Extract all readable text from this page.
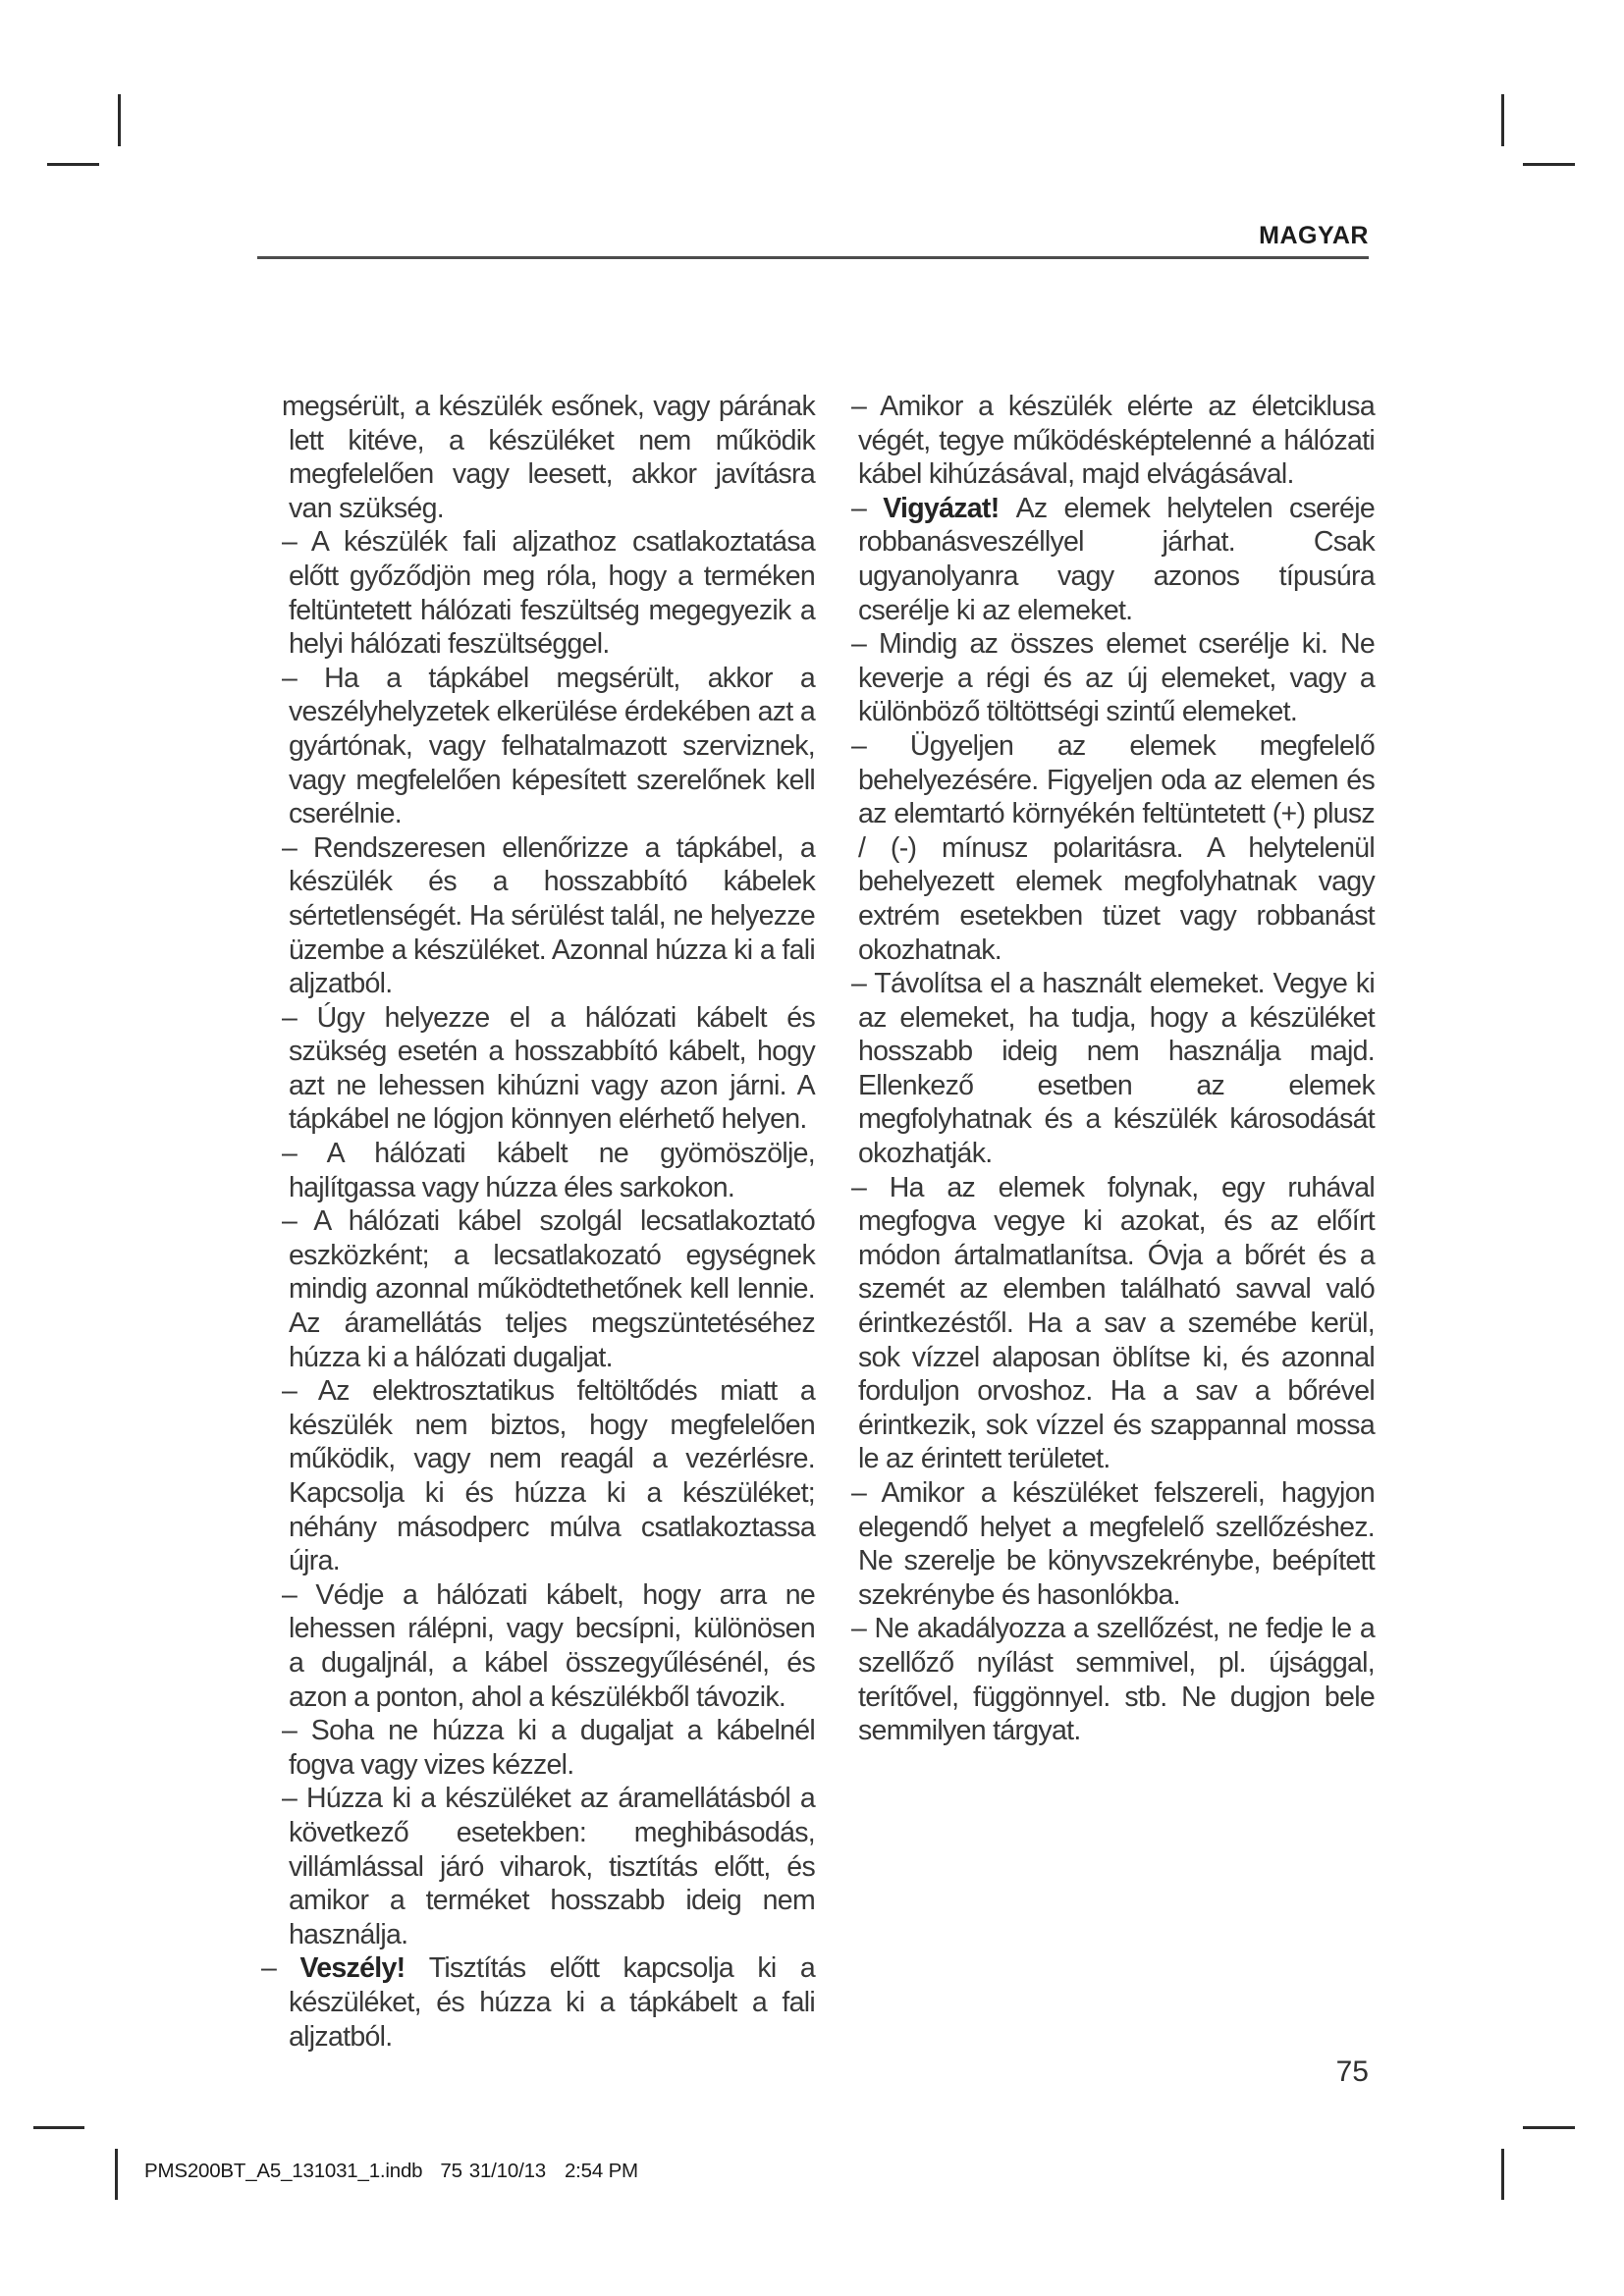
MAGYAR

megsérült, a készülék esőnek, vagy párának lett kitéve, a készüléket nem működik megfelelően vagy leesett, akkor javításra van szükség.

– A készülék fali aljzathoz csatlakoztatása előtt győződjön meg róla, hogy a terméken feltüntetett hálózati feszültség megegyezik a helyi hálózati feszültséggel.

– Ha a tápkábel megsérült, akkor a veszélyhelyzetek elkerülése érdekében azt a gyártónak, vagy felhatalmazott szerviznek, vagy megfelelően képesített szerelőnek kell cserélnie.

– Rendszeresen ellenőrizze a tápkábel, a készülék és a hosszabbító kábelek sértetlenségét. Ha sérülést talál, ne helyezze üzembe a készüléket. Azonnal húzza ki a fali aljzatból.

– Úgy helyezze el a hálózati kábelt és szükség esetén a hosszabbító kábelt, hogy azt ne lehessen kihúzni vagy azon járni. A tápkábel ne lógjon könnyen elérhető helyen.

– A hálózati kábelt ne gyömöszölje, hajlítgassa vagy húzza éles sarkokon.

– A hálózati kábel szolgál lecsatlakoztató eszközként; a lecsatlakozató egységnek mindig azonnal működtethetőnek kell lennie. Az áramellátás teljes megszüntetéséhez húzza ki a hálózati dugaljat.

– Az elektrosztatikus feltöltődés miatt a készülék nem biztos, hogy megfelelően működik, vagy nem reagál a vezérlésre. Kapcsolja ki és húzza ki a készüléket; néhány másodperc múlva csatlakoztassa újra.

– Védje a hálózati kábelt, hogy arra ne lehessen rálépni, vagy becsípni, különösen a dugaljnál, a kábel összegyűlésénél, és azon a ponton, ahol a készülékből távozik.

– Soha ne húzza ki a dugaljat a kábelnél fogva vagy vizes kézzel.

– Húzza ki a készüléket az áramellátásból a következő esetekben: meghibásodás, villámlással járó viharok, tisztítás előtt, és amikor a terméket hosszabb ideig nem használja.

– Veszély! Tisztítás előtt kapcsolja ki a készüléket, és húzza ki a tápkábelt a fali aljzatból.

– Amikor a készülék elérte az életciklusa végét, tegye működésképtelenné a hálózati kábel kihúzásával, majd elvágásával.

– Vigyázat! Az elemek helytelen cseréje robbanásveszéllyel járhat. Csak ugyanolyanra vagy azonos típusúra cserélje ki az elemeket.

– Mindig az összes elemet cserélje ki. Ne keverje a régi és az új elemeket, vagy a különböző töltöttségi szintű elemeket.

– Ügyeljen az elemek megfelelő behelyezésére. Figyeljen oda az elemen és az elemtartó környékén feltüntetett (+) plusz / (-) mínusz polaritásra. A helytelenül behelyezett elemek megfolyhatnak vagy extrém esetekben tüzet vagy robbanást okozhatnak.

– Távolítsa el a használt elemeket. Vegye ki az elemeket, ha tudja, hogy a készüléket hosszabb ideig nem használja majd. Ellenkező esetben az elemek megfolyhatnak és a készülék károsodását okozhatják.

– Ha az elemek folynak, egy ruhával megfogva vegye ki azokat, és az előírt módon ártalmatlanítsa. Óvja a bőrét és a szemét az elemben található savval való érintkezéstől. Ha a sav a szemébe kerül, sok vízzel alaposan öblítse ki, és azonnal forduljon orvoshoz. Ha a sav a bőrével érintkezik, sok vízzel és szappannal mossa le az érintett területet.

– Amikor a készüléket felszereli, hagyjon elegendő helyet a megfelelő szellőzéshez. Ne szerelje be könyvszekrénybe, beépített szekrénybe és hasonlókba.

– Ne akadályozza a szellőzést, ne fedje le a szellőző nyílást semmivel, pl. újsággal, terítővel, függönnyel. stb. Ne dugjon bele semmilyen tárgyat.

75
PMS200BT_A5_131031_1.indb 75 31/10/13 2:54 PM
